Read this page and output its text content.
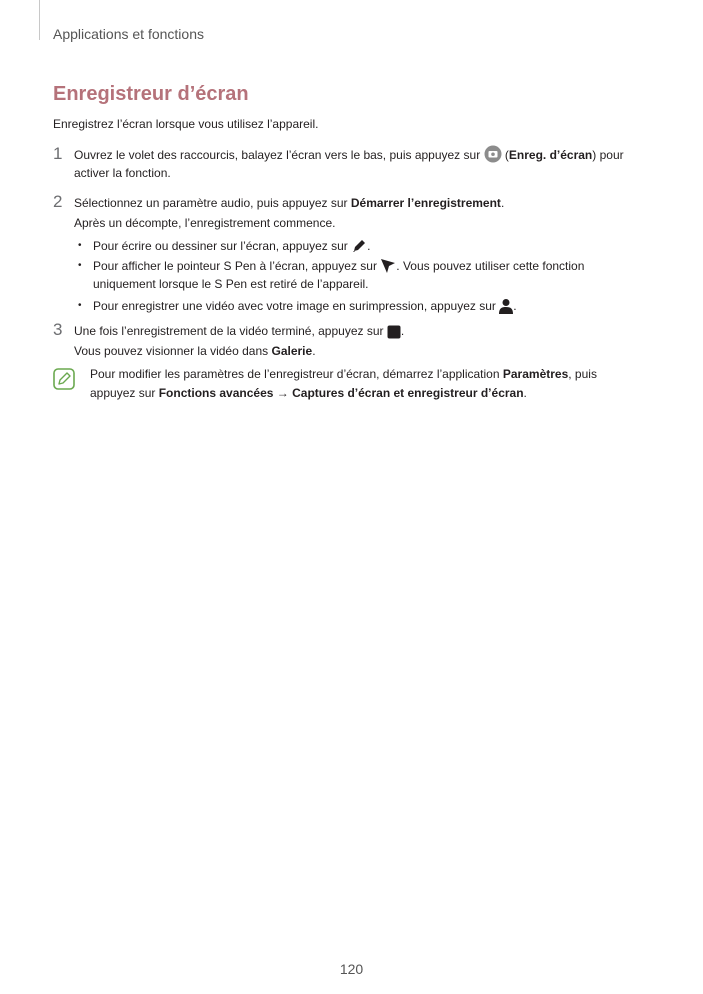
Applications et fonctions
Enregistreur d’écran
Enregistrez l’écran lorsque vous utilisez l’appareil.
1 Ouvrez le volet des raccourcis, balayez l’écran vers le bas, puis appuyez sur (Enreg. d’écran) pour
activer la fonction.
2 Sélectionnez un paramètre audio, puis appuyez sur Démarrer l’enregistrement.
Après un décompte, l’enregistrement commence.
• Pour écrire ou dessiner sur l’écran, appuyez sur .
• Pour afficher le pointeur S Pen à l’écran, appuyez sur . Vous pouvez utiliser cette fonction
uniquement lorsque le S Pen est retiré de l’appareil.
• Pour enregistrer une vidéo avec votre image en surimpression, appuyez sur .
3 Une fois l’enregistrement de la vidéo terminé, appuyez sur .
Vous pouvez visionner la vidéo dans Galerie.
Pour modifier les paramètres de l’enregistreur d’écran, démarrez l’application Paramètres, puis
appuyez sur Fonctions avancées → Captures d’écran et enregistreur d’écran.
120
